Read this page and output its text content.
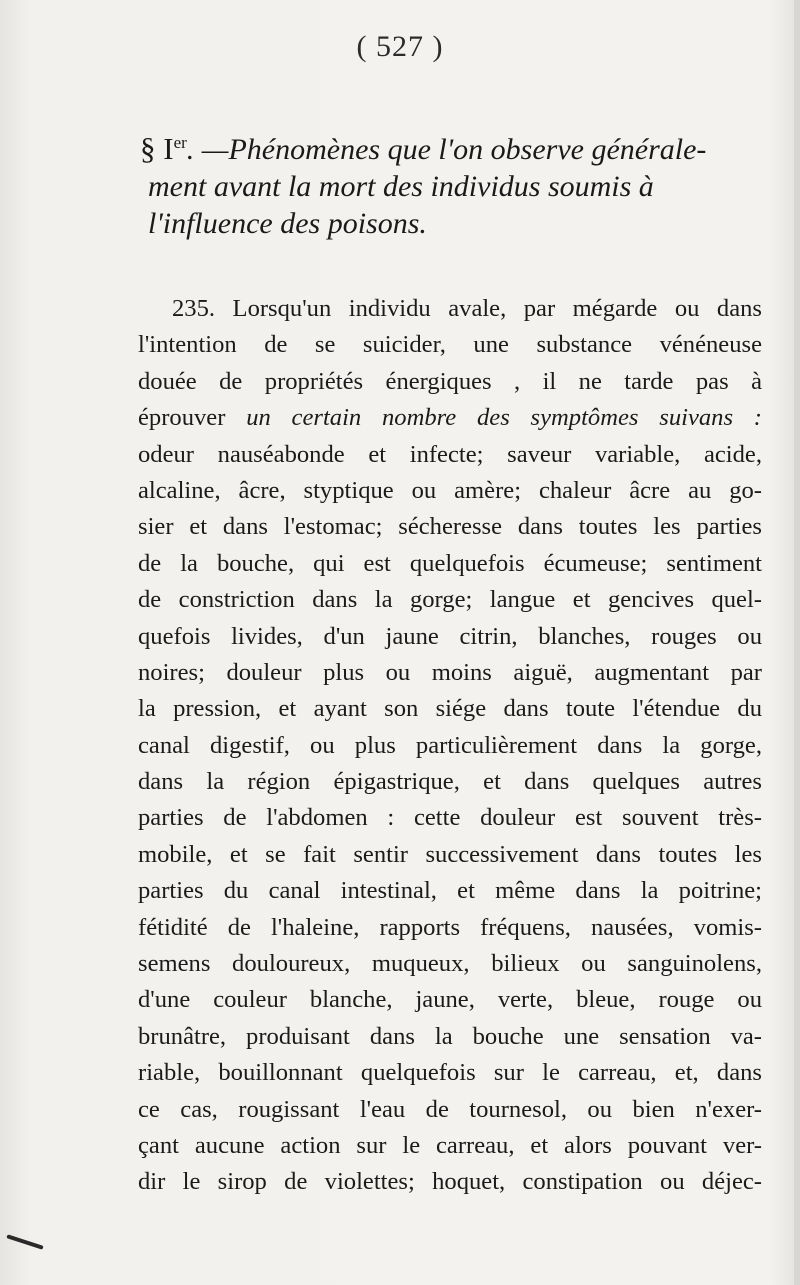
( 527 )
§ Ier. —Phénomènes que l'on observe générale-
ment avant la mort des individus soumis à
l'influence des poisons.
235. Lorsqu'un individu avale, par mégarde ou dans
l'intention de se suicider, une substance vénéneuse
douée de propriétés énergiques , il ne tarde pas à
éprouver un certain nombre des symptômes suivans :
odeur nauséabonde et infecte; saveur variable, acide,
alcaline, âcre, styptique ou amère; chaleur âcre au go-
sier et dans l'estomac; sécheresse dans toutes les parties
de la bouche, qui est quelquefois écumeuse; sentiment
de constriction dans la gorge; langue et gencives quel-
quefois livides, d'un jaune citrin, blanches, rouges ou
noires; douleur plus ou moins aiguë, augmentant par
la pression, et ayant son siége dans toute l'étendue du
canal digestif, ou plus particulièrement dans la gorge,
dans la région épigastrique, et dans quelques autres
parties de l'abdomen : cette douleur est souvent très-
mobile, et se fait sentir successivement dans toutes les
parties du canal intestinal, et même dans la poitrine;
fétidité de l'haleine, rapports fréquens, nausées, vomis-
semens douloureux, muqueux, bilieux ou sanguinolens,
d'une couleur blanche, jaune, verte, bleue, rouge ou
brunâtre, produisant dans la bouche une sensation va-
riable, bouillonnant quelquefois sur le carreau, et, dans
ce cas, rougissant l'eau de tournesol, ou bien n'exer-
çant aucune action sur le carreau, et alors pouvant ver-
dir le sirop de violettes; hoquet, constipation ou déjec-
